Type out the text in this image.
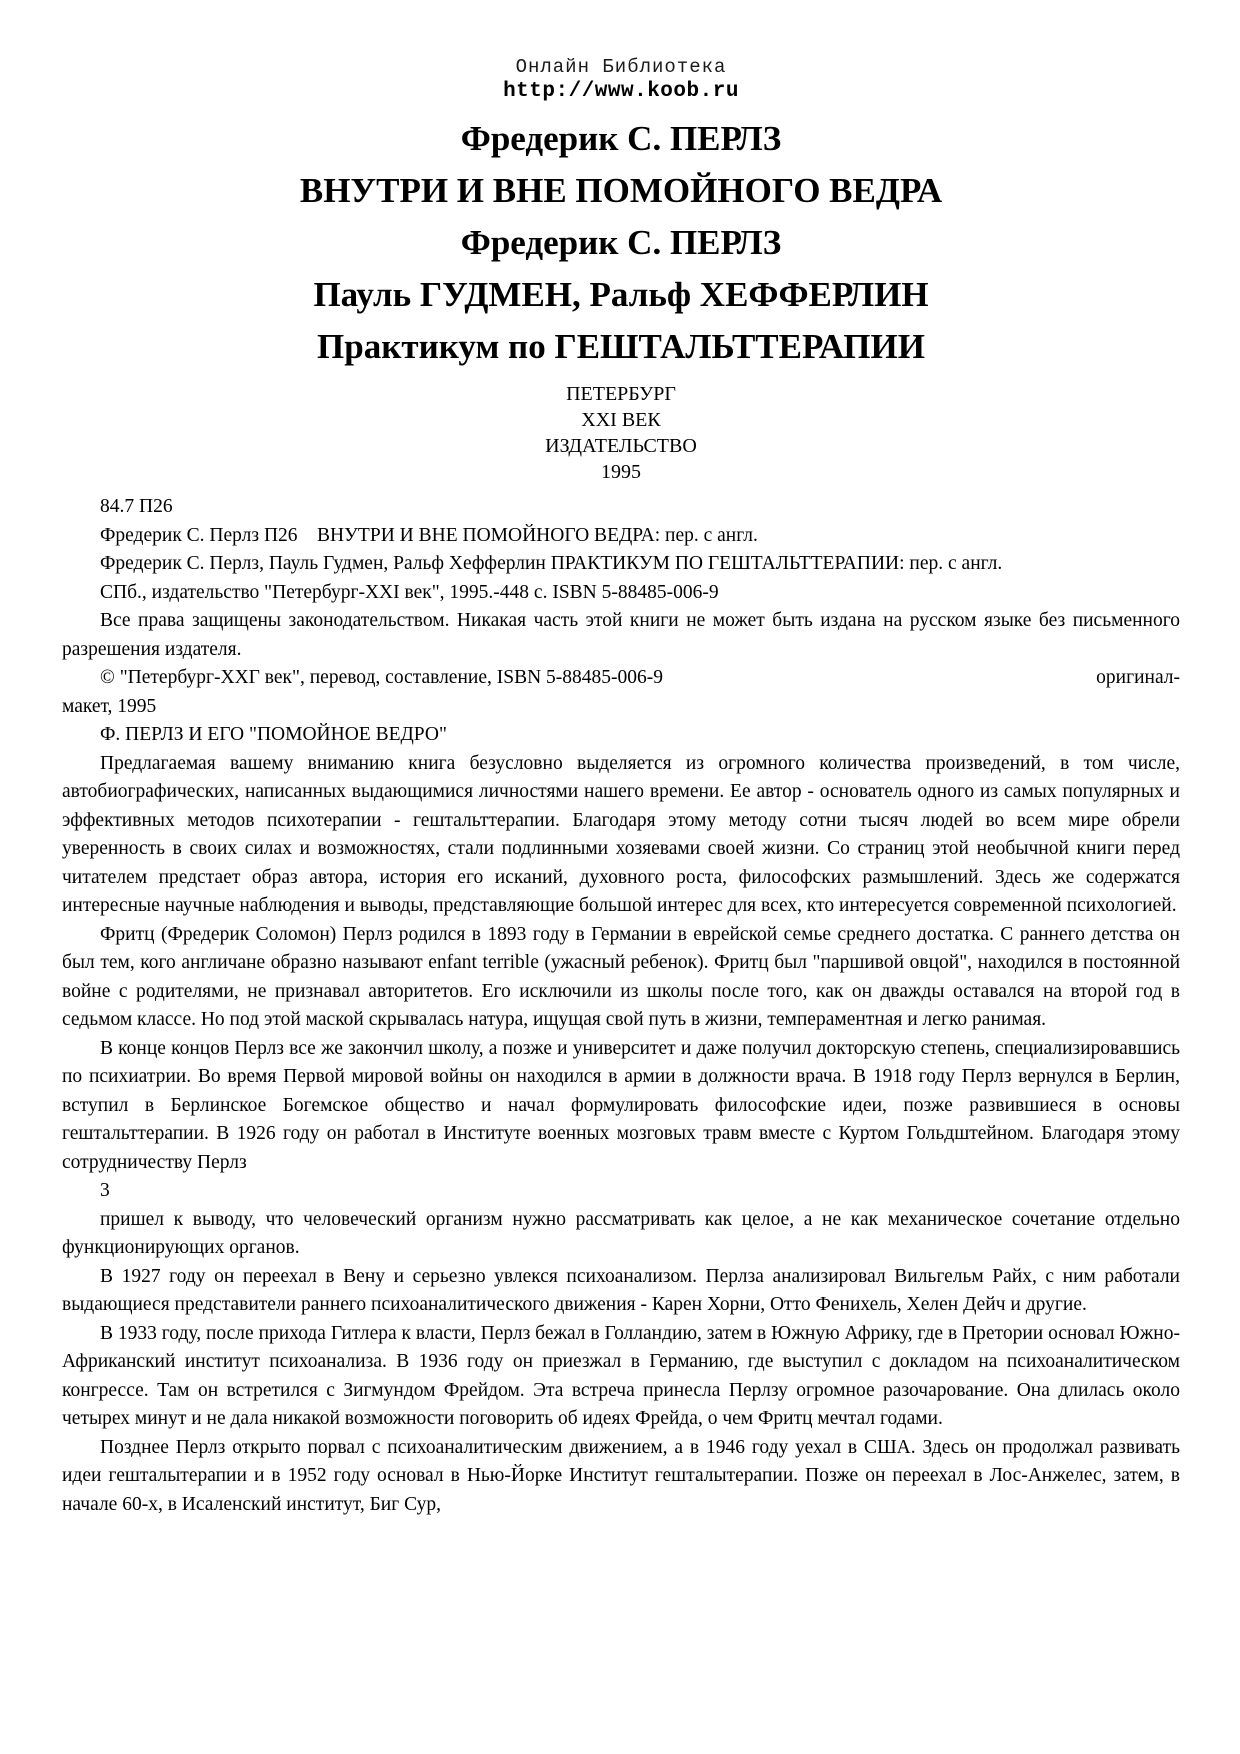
Онлайн Библиотека
http://www.koob.ru
Фредерик С. ПЕРЛЗ
ВНУТРИ И ВНЕ ПОМОЙНОГО ВЕДРА
Фредерик С. ПЕРЛЗ
Пауль ГУДМЕН, Ральф ХЕФФЕРЛИН
Практикум по ГЕШТАЛЬТТЕРАПИИ
ПЕТЕРБУРГ
XXI ВЕК
ИЗДАТЕЛЬСТВО
1995

84.7 П26

Фредерик С. Перлз П26    ВНУТРИ И ВНЕ ПОМОЙНОГО ВЕДРА: пер. с англ.

Фредерик С. Перлз, Пауль Гудмен, Ральф Хефферлин ПРАКТИКУМ ПО ГЕШТАЛЬТТЕРАПИИ: пер. с англ.

СПб., издательство "Петербург-XXI век", 1995.-448 с. ISBN 5-88485-006-9

Все права защищены законодательством. Никакая часть этой книги не может быть издана на русском языке без письменного разрешения издателя.

© "Петербург-ХХГ век", перевод, составление, ISBN 5-88485-006-9	оригинал-

макет, 1995

Ф. ПЕРЛЗ И ЕГО "ПОМОЙНОЕ ВЕДРО"

Предлагаемая вашему вниманию книга безусловно выделяется из огромного количества произведений, в том числе, автобиографических, написанных выдающимися личностями нашего времени. Ее автор - основатель одного из самых популярных и эффективных методов психотерапии - гештальттерапии. Благодаря этому методу сотни тысяч людей во всем мире обрели уверенность в своих силах и возможностях, стали подлинными хозяевами своей жизни. Со страниц этой необычной книги перед читателем предстает образ автора, история его исканий, духовного роста, философских размышлений. Здесь же содержатся интересные научные наблюдения и выводы, представляющие большой интерес для всех, кто интересуется современной психологией.

Фритц (Фредерик Соломон) Перлз родился в 1893 году в Германии в еврейской семье среднего достатка. С раннего детства он был тем, кого англичане образно называют enfant terrible (ужасный ребенок). Фритц был "паршивой овцой", находился в постоянной войне с родителями, не признавал авторитетов. Его исключили из школы после того, как он дважды оставался на второй год в седьмом классе. Но под этой маской скрывалась натура, ищущая свой путь в жизни, темпераментная и легко ранимая.

В конце концов Перлз все же закончил школу, а позже и университет и даже получил докторскую степень, специализировавшись по психиатрии. Во время Первой мировой войны он находился в армии в должности врача. В 1918 году Перлз вернулся в Берлин, вступил в Берлинское Богемское общество и начал формулировать философские идеи, позже развившиеся в основы гештальттерапии. В 1926 году он работал в Институте военных мозговых травм вместе с Куртом Гольдштейном. Благодаря этому сотрудничеству Перлз

3

пришел к выводу, что человеческий организм нужно рассматривать как целое, а не как механическое сочетание отдельно функционирующих органов.

В 1927 году он переехал в Вену и серьезно увлекся психоанализом. Перлза анализировал Вильгельм Райх, с ним работали выдающиеся представители раннего психоаналитического движения - Карен Хорни, Отто Фенихель, Хелен Дейч и другие.

В 1933 году, после прихода Гитлера к власти, Перлз бежал в Голландию, затем в Южную Африку, где в Претории основал Южно-Африканский институт психоанализа. В 1936 году он приезжал в Германию, где выступил с докладом на психоаналитическом конгрессе. Там он встретился с Зигмундом Фрейдом. Эта встреча принесла Перлзу огромное разочарование. Она длилась около четырех минут и не дала никакой возможности поговорить об идеях Фрейда, о чем Фритц мечтал годами.

Позднее Перлз открыто порвал с психоаналитическим движением, а в 1946 году уехал в США. Здесь он продолжал развивать идеи гешталытерапии и в 1952 году основал в Нью-Йорке Институт гешталытерапии. Позже он переехал в Лос-Анжелес, затем, в начале 60-х, в Исаленский институт, Биг Сур,
